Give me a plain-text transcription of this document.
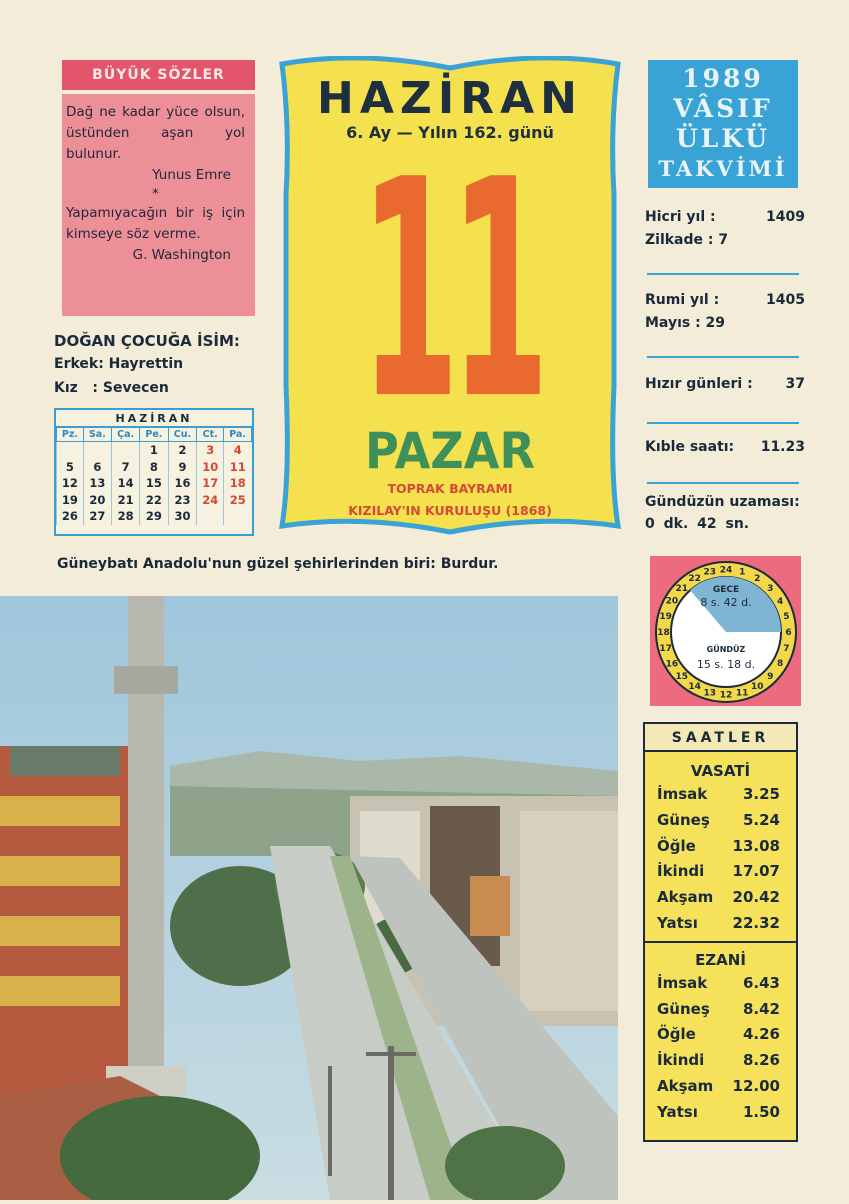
BÜYÜK SÖZLER

Dağ ne kadar yüce olsun, üstünden aşan yol bulunur.

Yunus Emre

*

Yapamıyacağın bir iş için kimseye söz verme.

G. Washington

DOĞAN ÇOCUĞA İSİM:
Erkek: Hayrettin
Kız   : Sevecen
HAZİRAN
Pz.	Sa.	Ça.	Pe.	Cu.	Ct.	Pa.
			1	2	3	4
5	6	7	8	9	10	11
12	13	14	15	16	17	18
19	20	21	22	23	24	25
26	27	28	29	30		
HAZİRAN
6. Ay — Yılın 162. günü
11
PAZAR
TOPRAK BAYRAMI
KIZILAY'IN KURULUŞU (1868)
1989
VÂSIF
ÜLKÜ
TAKVİMİ
Hicri yıl :	1409
Zilkade : 7
Rumi yıl :	1405
Mayıs : 29
Hızır günleri : 37
Kıble saatı: 11.23
Gündüzün uzaması:
0 dk. 42 sn.
Güneybatı Anadolu'nun güzel şehirlerinden biri: Burdur.	24 1
2
3
4
5
6
7
8
9
10
11
12
13
14
15
16
17
18
19
20
21
22
23
GECE
8 s. 42 d.
GÜNDÜZ
15 s. 18 d.
SAATLER
VASATİ
İmsak 3.25
Güneş 5.24
Öğle 13.08
İkindi 17.07
Akşam 20.42
Yatsı 22.32
EZANİ
İmsak 6.43
Güneş 8.42
Öğle	4.26
İkindi	8.26
Akşam 12.00
Yatsı	1.50
